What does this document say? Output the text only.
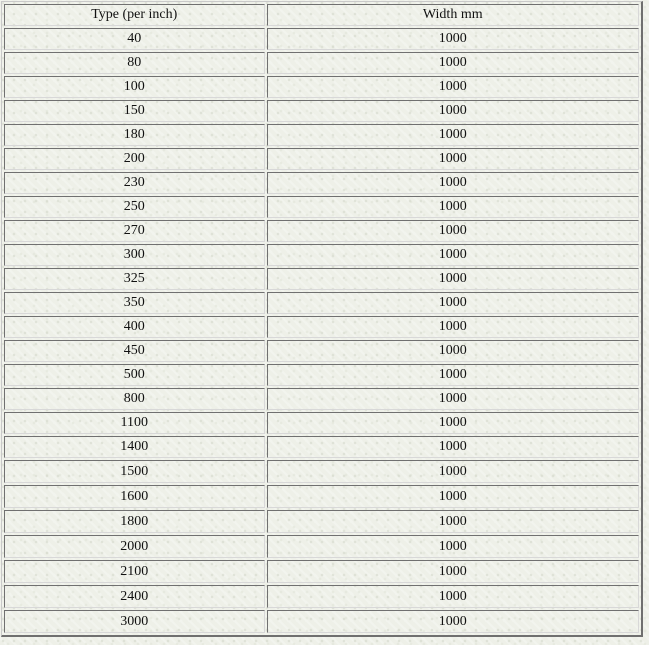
Type (per inch)	Width mm
40	1000
80	1000
100	1000
150	1000
180	1000
200	1000
230	1000
250	1000
270	1000
300	1000
325	1000
350	1000
400	1000
450	1000
500	1000
800	1000
1100	1000
1400	1000
1500	1000
1600	1000
1800	1000
2000	1000
2100	1000
2400	1000
3000	1000
